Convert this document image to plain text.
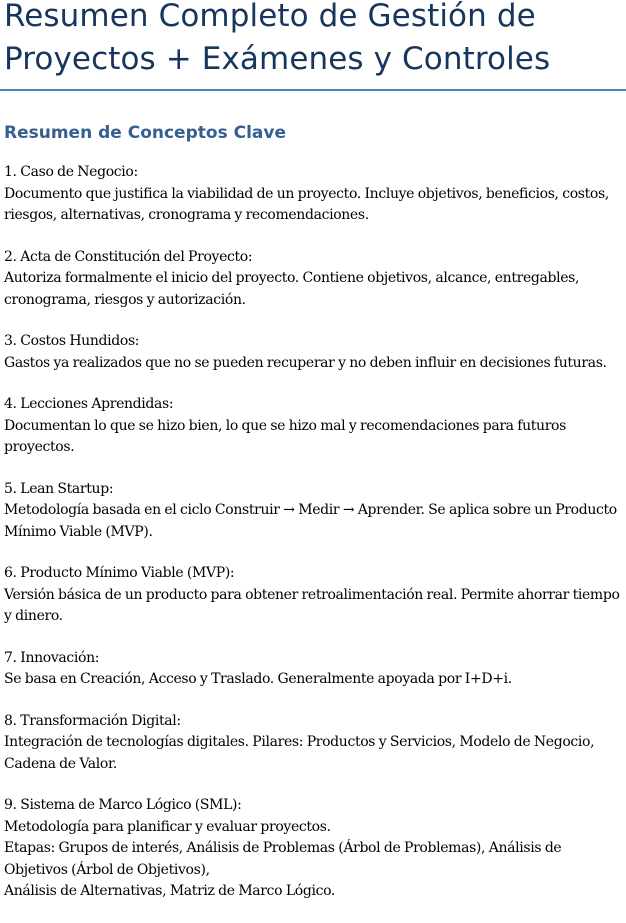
Resumen Completo de Gestión de
Proyectos + Exámenes y Controles
Resumen de Conceptos Clave

1. Caso de Negocio:

Documento que justifica la viabilidad de un proyecto. Incluye objetivos, beneficios, costos, riesgos, alternativas, cronograma y recomendaciones.

2. Acta de Constitución del Proyecto:

Autoriza formalmente el inicio del proyecto. Contiene objetivos, alcance, entregables, cronograma, riesgos y autorización.

3. Costos Hundidos:

Gastos ya realizados que no se pueden recuperar y no deben influir en decisiones futuras.

4. Lecciones Aprendidas:

Documentan lo que se hizo bien, lo que se hizo mal y recomendaciones para futuros proyectos.

5. Lean Startup:

Metodología basada en el ciclo Construir → Medir → Aprender. Se aplica sobre un Producto Mínimo Viable (MVP).

6. Producto Mínimo Viable (MVP):

Versión básica de un producto para obtener retroalimentación real. Permite ahorrar tiempo y dinero.

7. Innovación:

Se basa en Creación, Acceso y Traslado. Generalmente apoyada por I+D+i.

8. Transformación Digital:

Integración de tecnologías digitales. Pilares: Productos y Servicios, Modelo de Negocio, Cadena de Valor.

9. Sistema de Marco Lógico (SML):

Metodología para planificar y evaluar proyectos.

Etapas: Grupos de interés, Análisis de Problemas (Árbol de Problemas), Análisis de Objetivos (Árbol de Objetivos),

Análisis de Alternativas, Matriz de Marco Lógico.
